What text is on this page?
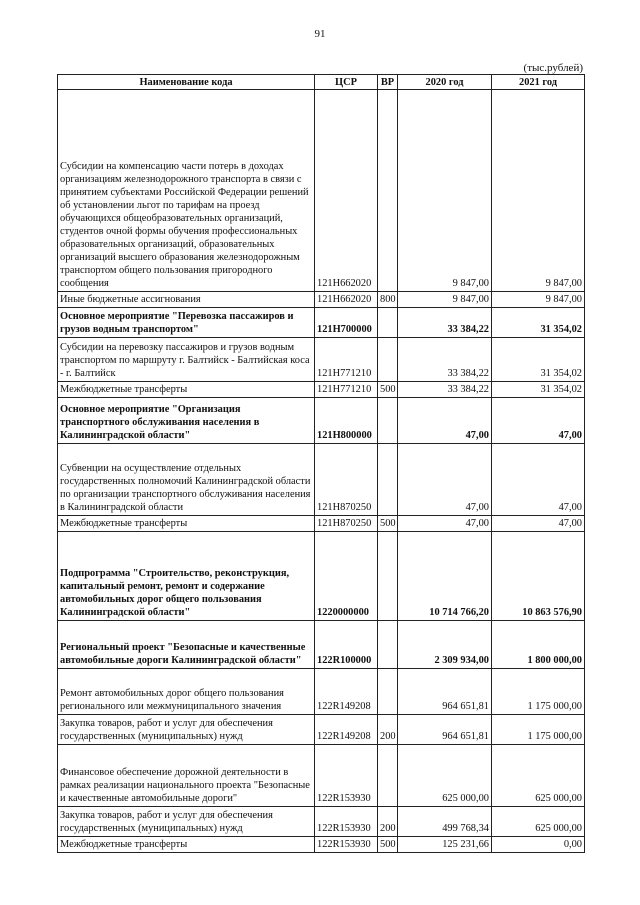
91
(тыс.рублей)
Наименование кода	ЦСР	ВР	2020 год	2021 год
Субсидии на компенсацию части потерь в доходах организациям железнодорожного транспорта в связи с принятием субъектами Российской Федерации решений об установлении льгот по тарифам на проезд обучающихся общеобразовательных организаций, студентов очной формы обучения профессиональных образовательных организаций, образовательных организаций высшего образования железнодорожным транспортом общего пользования пригородного сообщения	121Н662020		9 847,00	9 847,00
Иные бюджетные ассигнования	121Н662020	800	9 847,00	9 847,00
Основное мероприятие "Перевозка пассажиров и грузов водным транспортом"	121Н700000		33 384,22	31 354,02
Субсидии на перевозку пассажиров и грузов водным транспортом по маршруту г. Балтийск - Балтийская коса - г. Балтийск	121Н771210		33 384,22	31 354,02
Межбюджетные трансферты	121Н771210	500	33 384,22	31 354,02
Основное мероприятие "Организация транспортного обслуживания населения в Калининградской области"	121Н800000		47,00	47,00
Субвенции на осуществление отдельных государственных полномочий Калининградской области по организации транспортного обслуживания населения в Калининградской области	121Н870250		47,00	47,00
Межбюджетные трансферты	121Н870250	500	47,00	47,00
Подпрограмма "Строительство, реконструкция, капитальный ремонт, ремонт и содержание автомобильных дорог общего пользования Калининградской области"	1220000000		10 714 766,20	10 863 576,90
Региональный проект "Безопасные и качественные автомобильные дороги Калининградской области"	122R100000		2 309 934,00	1 800 000,00
Ремонт автомобильных дорог общего пользования регионального или межмуниципального значения	122R149208		964 651,81	1 175 000,00
Закупка товаров, работ и услуг для обеспечения государственных (муниципальных) нужд	122R149208	200	964 651,81	1 175 000,00
Финансовое обеспечение дорожной деятельности в рамках реализации национального проекта "Безопасные и качественные автомобильные дороги"	122R153930		625 000,00	625 000,00
Закупка товаров, работ и услуг для обеспечения государственных (муниципальных) нужд	122R153930	200	499 768,34	625 000,00
Межбюджетные трансферты	122R153930	500	125 231,66	0,00
